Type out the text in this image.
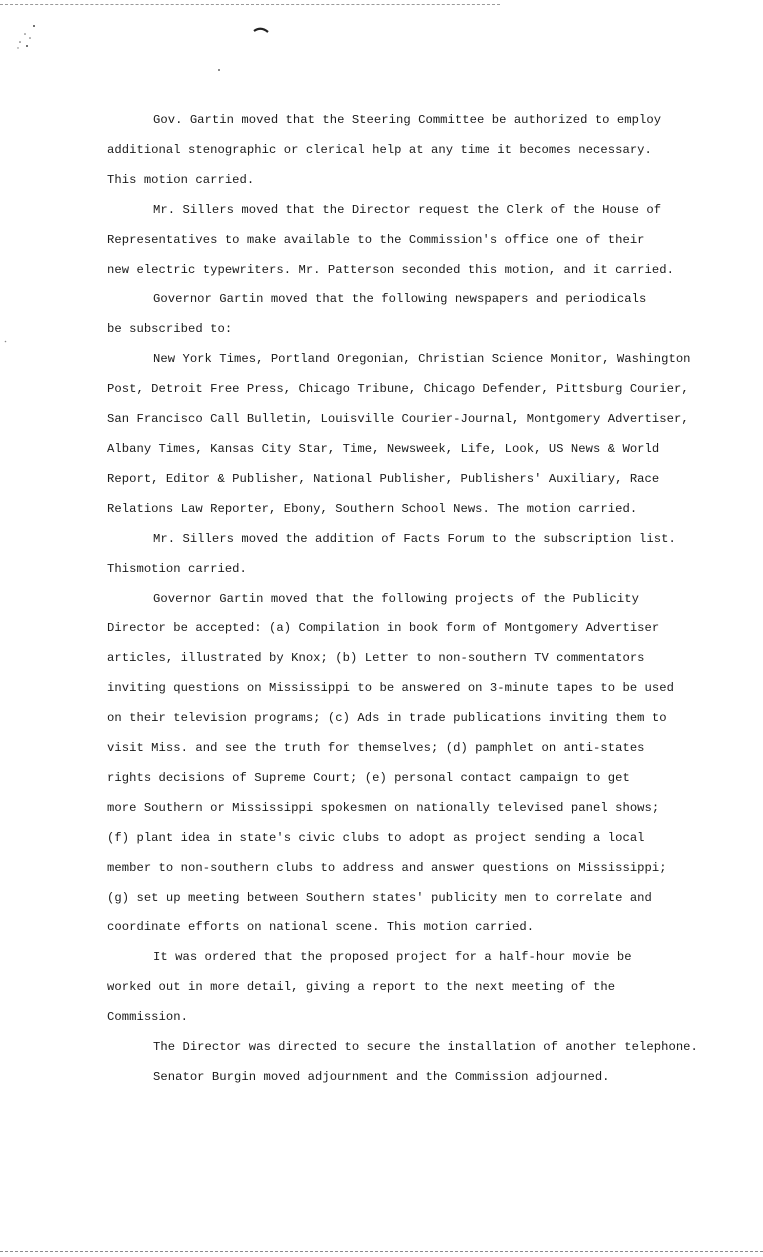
Gov. Gartin moved that the Steering Committee be authorized to employ
additional stenographic or clerical help at any time it becomes necessary.
This motion carried.
Mr. Sillers moved that the Director request the Clerk of the House of
Representatives to make available to the Commission's office one of their
new electric typewriters. Mr. Patterson seconded this motion, and it carried.
Governor Gartin moved that the following newspapers and periodicals
be subscribed to:
New York Times, Portland Oregonian, Christian Science Monitor, Washington
Post, Detroit Free Press, Chicago Tribune, Chicago Defender, Pittsburg Courier,
San Francisco Call Bulletin, Louisville Courier-Journal, Montgomery Advertiser,
Albany Times, Kansas City Star, Time, Newsweek, Life, Look, US News & World
Report, Editor & Publisher, National Publisher, Publishers' Auxiliary, Race
Relations Law Reporter, Ebony, Southern School News. The motion carried.
Mr. Sillers moved the addition of Facts Forum to the subscription list.
Thismotion carried.
Governor Gartin moved that the following projects of the Publicity
Director be accepted: (a) Compilation in book form of Montgomery Advertiser
articles, illustrated by Knox; (b) Letter to non-southern TV commentators
inviting questions on Mississippi to be answered on 3-minute tapes to be used
on their television programs; (c) Ads in trade publications inviting them to
visit Miss. and see the truth for themselves; (d) pamphlet on anti-states
rights decisions of Supreme Court; (e) personal contact campaign to get
more Southern or Mississippi spokesmen on nationally televised panel shows;
(f) plant idea in state's civic clubs to adopt as project sending a local
member to non-southern clubs to address and answer questions on Mississippi;
(g) set up meeting between Southern states' publicity men to correlate and
coordinate efforts on national scene. This motion carried.
It was ordered that the proposed project for a half-hour movie be
worked out in more detail, giving a report to the next meeting of the
Commission.
The Director was directed to secure the installation of another telephone.
Senator Burgin moved adjournment and the Commission adjourned.
